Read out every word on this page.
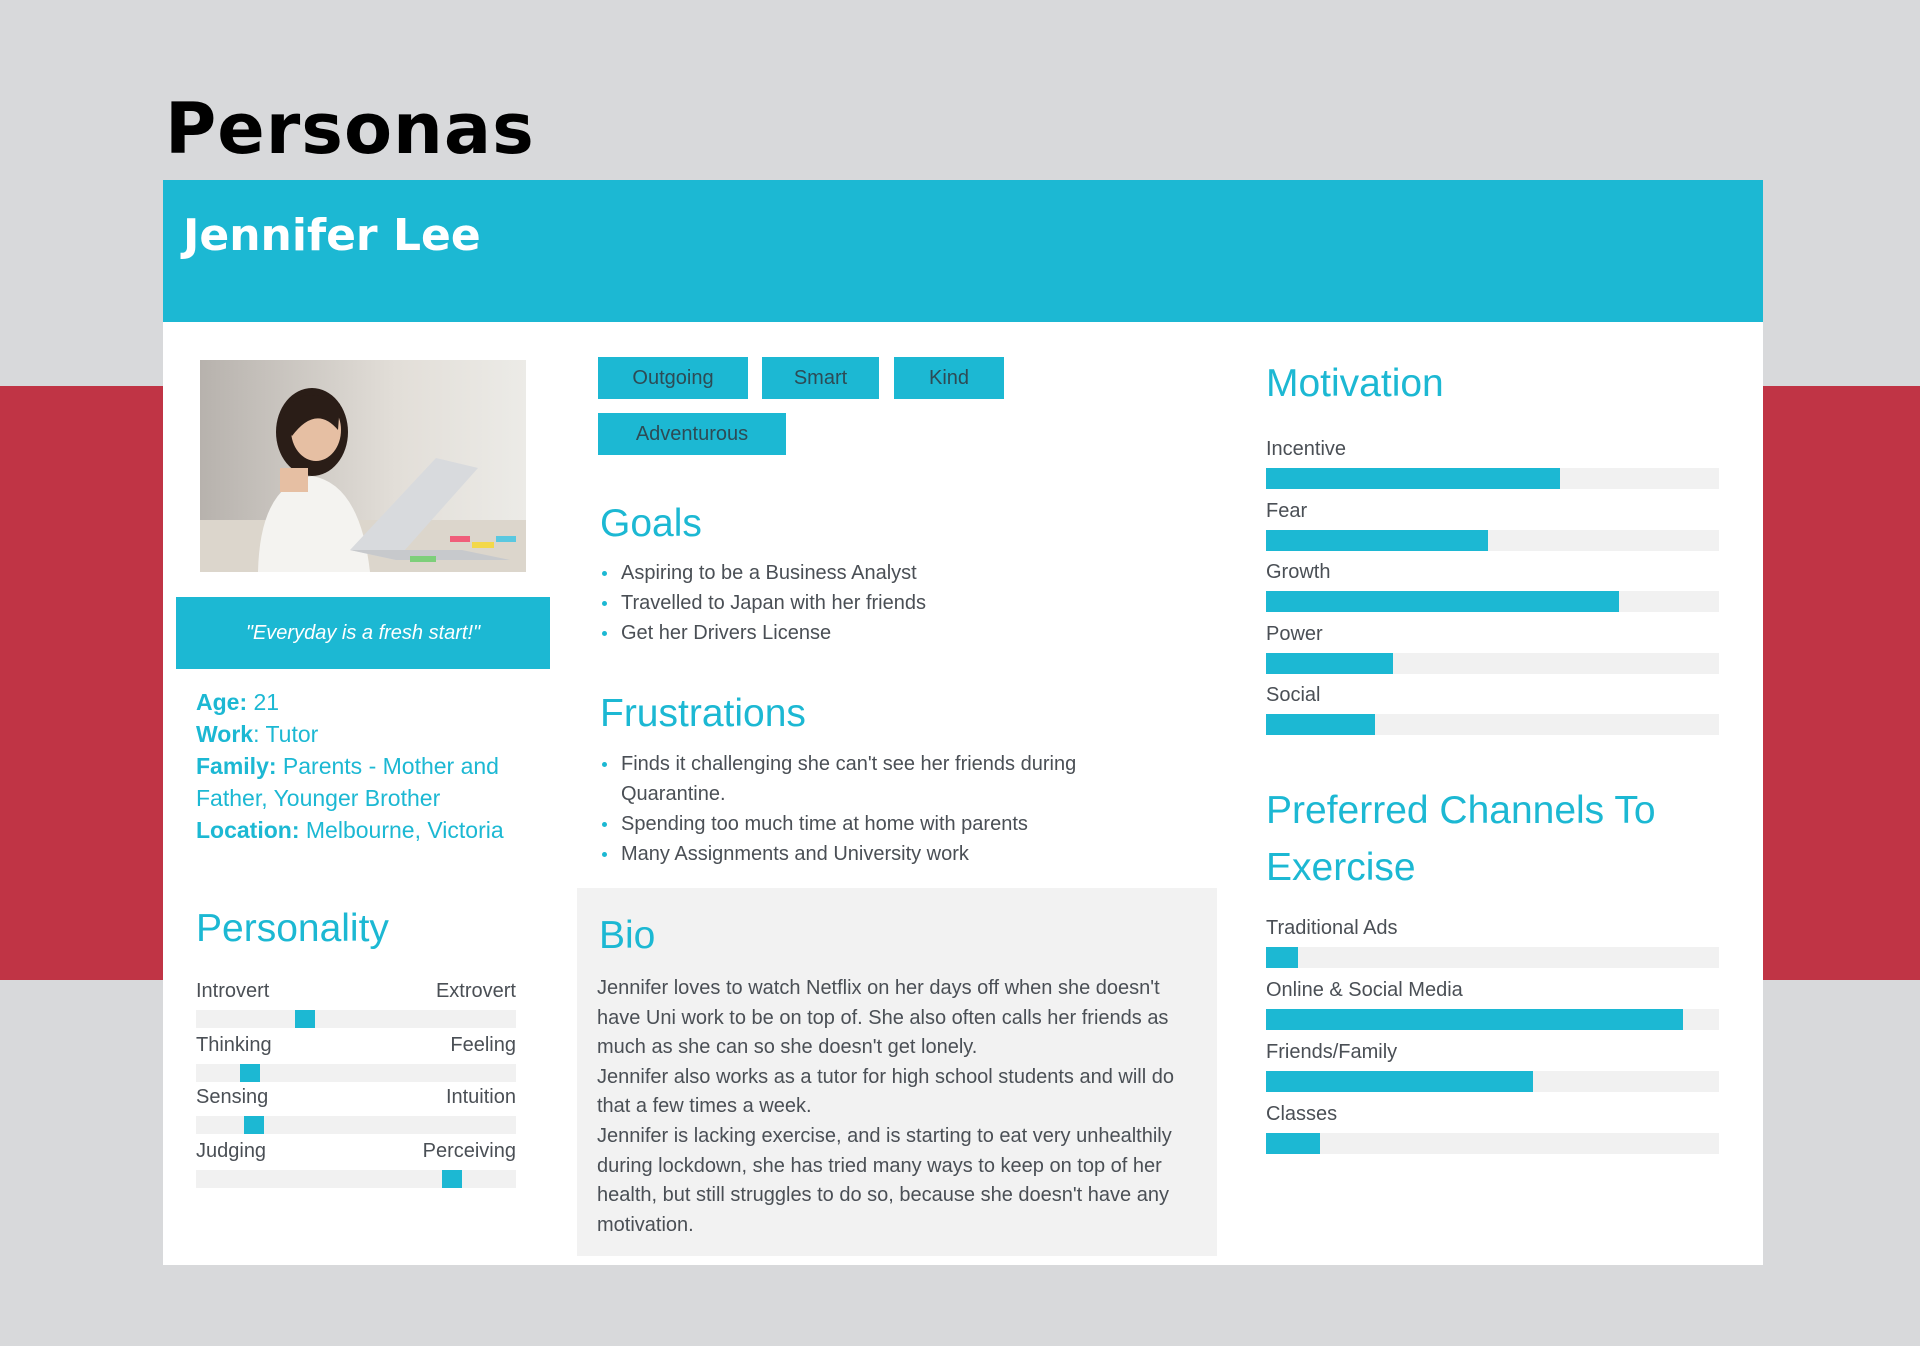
Personas
Jennifer Lee
"Everyday is a fresh start!"
Age: 21
Work: Tutor
Family: Parents - Mother and Father, Younger Brother
Location: Melbourne, Victoria
Personality
Introvert	Extrovert
Thinking	Feeling
Sensing	Intuition
Judging	Perceiving
Outgoing	Smart	Kind
Adventurous
Goals
Aspiring to be a Business Analyst
Travelled to Japan with her friends
Get her Drivers License
Frustrations
Finds it challenging she can't see her friends during Quarantine.
Spending too much time at home with parents
Many Assignments and University work
Bio

Jennifer loves to watch Netflix on her days off when she doesn't have Uni work to be on top of. She also often calls her friends as much as she can so she doesn't get lonely.

Jennifer also works as a tutor for high school students and will do that a few times a week.

Jennifer is lacking exercise, and is starting to eat very unhealthily during lockdown, she has tried many ways to keep on top of her health, but still struggles to do so, because she doesn't have any motivation.

Motivation
Incentive
Fear
Growth
Power
Social
Preferred Channels To Exercise
Traditional Ads
Online & Social Media
Friends/Family
Classes
